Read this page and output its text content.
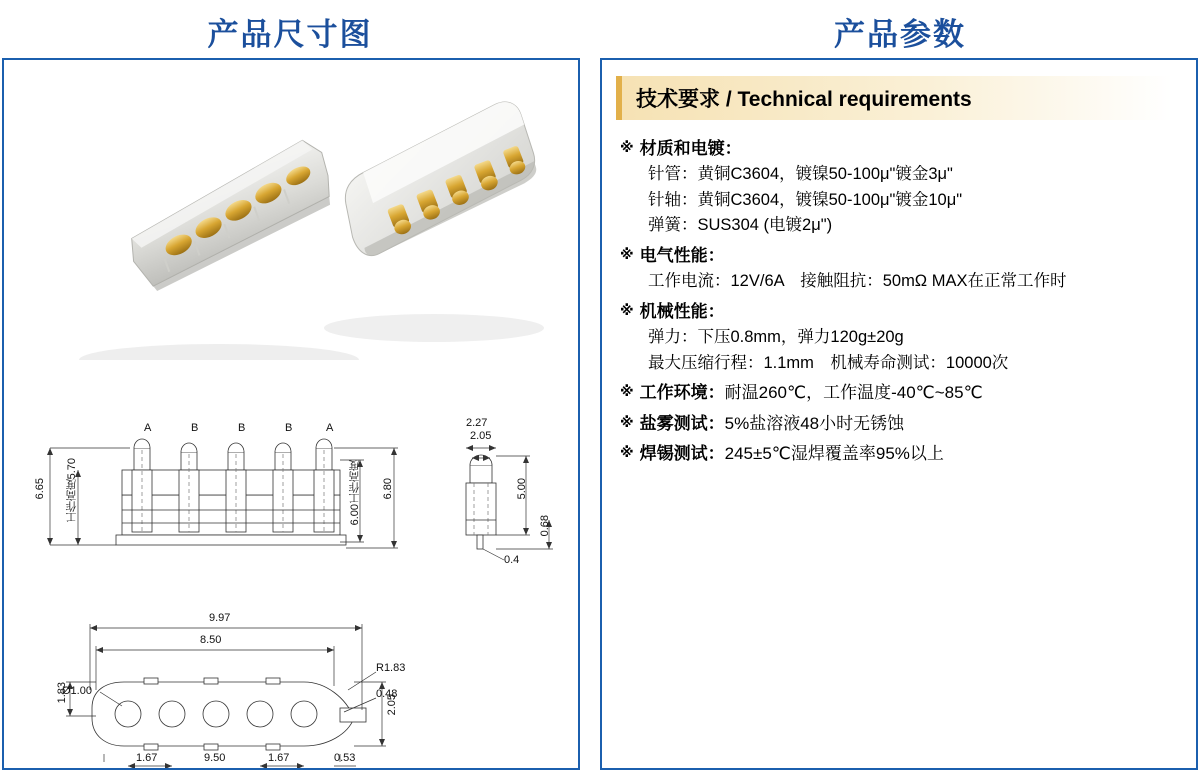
产品尺寸图	产品参数
A	B	B	B	A
6.65 工作高度5.70	6.00工作高度 6.80
2.27
2.05
5.00
0.68
0.4
9.97
8.50
R1.83
0.48
1.83
2.05
Ø1.00
1.67	1.67
9.50	0.53
技术要求 / Technical requirements
※ 材质和电镀：
针管：黄铜C3604，镀镍50-100μ"镀金3μ"
针轴：黄铜C3604，镀镍50-100μ"镀金10μ"
弹簧：SUS304 (电镀2μ")
※ 电气性能：
工作电流：12V/6A　接触阻抗：50mΩ MAX在正常工作时
※ 机械性能：
弹力：下压0.8mm，弹力120g±20g
最大压缩行程：1.1mm　机械寿命测试：10000次
※ 工作环境： 耐温260℃，工作温度-40℃~85℃
※ 盐雾测试： 5%盐溶液48小时无锈蚀
※ 焊锡测试： 245±5℃湿焊覆盖率95%以上
